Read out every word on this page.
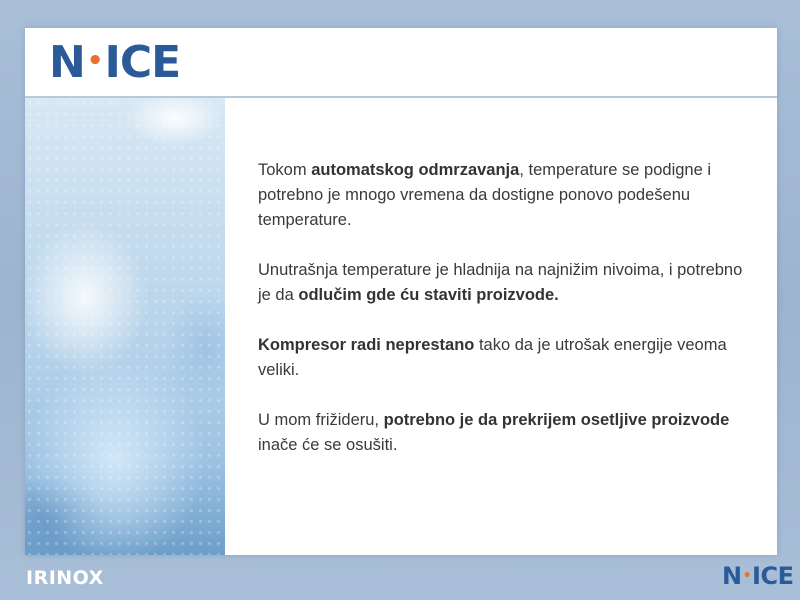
N • ICE

Tokom automatskog odmrzavanja, temperature se podigne i potrebno je mnogo vremena da dostigne ponovo podešenu temperature.

Unutrašnja temperature je hladnija na najnižim nivoima, i potrebno je da odlučim gde ću staviti proizvode.

Kompresor radi neprestano tako da je utrošak energije veoma veliki.

U mom frižideru, potrebno je da prekrijem osetljive proizvode  inače će se osušiti.

IRINOX	N • ICE
